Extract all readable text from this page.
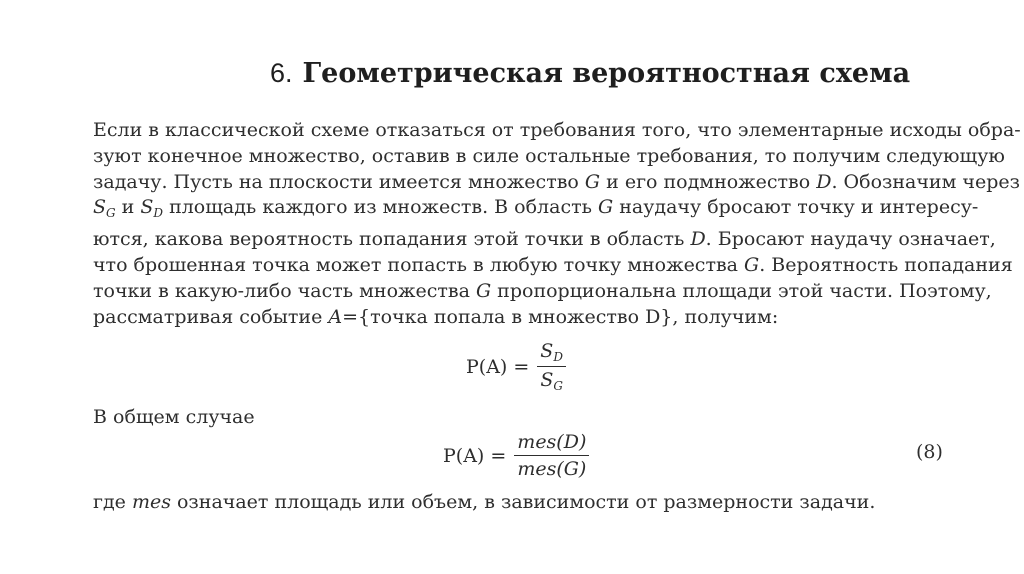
6. Геометрическая вероятностная схема
Если в классической схеме отказаться от требования того, что элементарные исходы обра-
зуют конечное множество, оставив в силе остальные требования, то получим следующую
задачу. Пусть на плоскости имеется множество G и его подмножество D. Обозначим через
$S_G$ и $S_D$ площадь каждого из множеств. В область G наудачу бросают точку и интересу-
ются, какова вероятность попадания этой точки в область D. Бросают наудачу означает,
что брошенная точка может попасть в любую точку множества G. Вероятность попадания
точки в какую-либо часть множества G пропорциональна площади этой части. Поэтому,
рассматривая событие A={точка попала в множество D}, получим:
$P(A) = \frac{S_D}{S_G}$
В общем случае
$P(A) = \frac{\text{mes(D)}}{\text{mes(G)}}$	(8)
где mes означает площадь или объем, в зависимости от размерности задачи.
